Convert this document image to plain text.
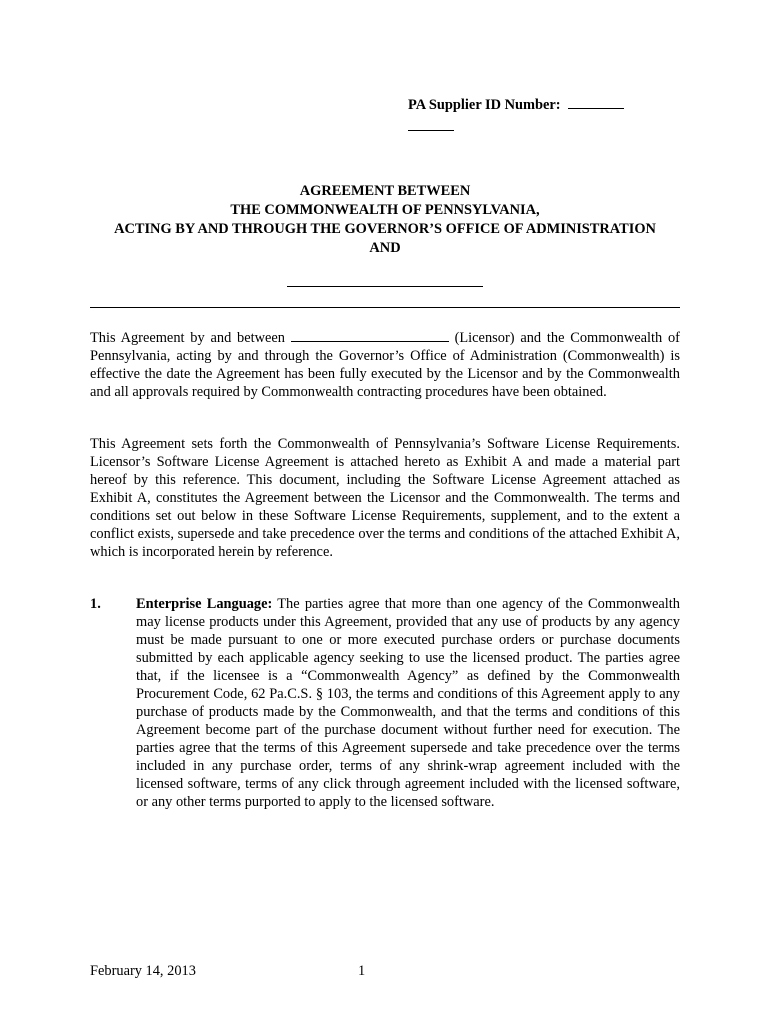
PA Supplier ID Number:
AGREEMENT BETWEEN
THE COMMONWEALTH OF PENNSYLVANIA,
ACTING BY AND THROUGH THE GOVERNOR’S OFFICE OF ADMINISTRATION
AND

This Agreement by and between	(Licensor) and the Commonwealth of Pennsylvania, acting by and through the Governor’s Office of Administration (Commonwealth) is effective the date the Agreement has been fully executed by the Licensor and by the Commonwealth and all approvals required by Commonwealth contracting procedures have been obtained.

This Agreement sets forth the Commonwealth of Pennsylvania’s Software License Requirements. Licensor’s Software License Agreement is attached hereto as Exhibit A and made a material part hereof by this reference. This document, including the Software License Agreement attached as Exhibit A, constitutes the Agreement between the Licensor and the Commonwealth. The terms and conditions set out below in these Software License Requirements, supplement, and to the extent a conflict exists, supersede and take precedence over the terms and conditions of the attached Exhibit A, which is incorporated herein by reference.

1. Enterprise Language: The parties agree that more than one agency of the Commonwealth may license products under this Agreement, provided that any use of products by any agency must be made pursuant to one or more executed purchase orders or purchase documents submitted by each applicable agency seeking to use the licensed product. The parties agree that, if the licensee is a “Commonwealth Agency” as defined by the Commonwealth Procurement Code, 62 Pa.C.S. § 103, the terms and conditions of this Agreement apply to any purchase of products made by the Commonwealth, and that the terms and conditions of this Agreement become part of the purchase document without further need for execution. The parties agree that the terms of this Agreement supersede and take precedence over the terms included in any purchase order, terms of any shrink-wrap agreement included with the licensed software, terms of any click through agreement included with the licensed software, or any other terms purported to apply to the licensed software.
February 14, 2013	1
